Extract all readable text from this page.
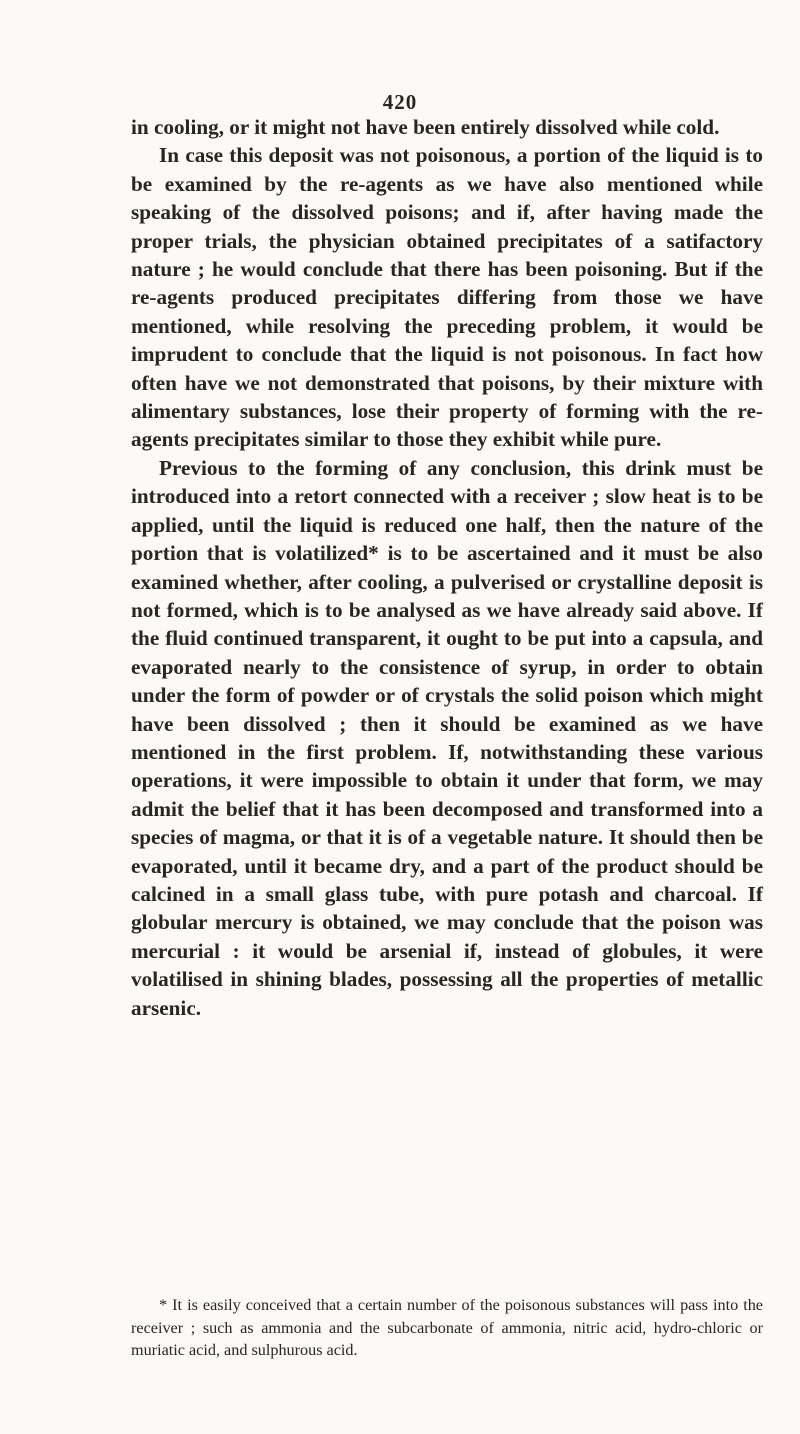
420

in cooling, or it might not have been entirely dissolved while cold.

In case this deposit was not poisonous, a portion of the liquid is to be examined by the re-agents as we have also mentioned while speaking of the dissolved poisons; and if, after having made the proper trials, the physician obtained precipitates of a satifactory nature ; he would conclude that there has been poisoning. But if the re-agents produced precipitates differing from those we have mentioned, while resolving the preceding problem, it would be imprudent to conclude that the liquid is not poisonous. In fact how often have we not demonstrated that poisons, by their mixture with alimentary substances, lose their property of forming with the re-agents precipitates similar to those they exhibit while pure.

Previous to the forming of any conclusion, this drink must be introduced into a retort connected with a receiver ; slow heat is to be applied, until the liquid is reduced one half, then the nature of the portion that is volatilized* is to be ascertained and it must be also examined whether, after cooling, a pulverised or crystalline deposit is not formed, which is to be analysed as we have already said above. If the fluid continued transparent, it ought to be put into a capsula, and evaporated nearly to the consistence of syrup, in order to obtain under the form of powder or of crystals the solid poison which might have been dissolved ; then it should be examined as we have mentioned in the first problem. If, notwithstanding these various operations, it were impossible to obtain it under that form, we may admit the belief that it has been decomposed and transformed into a species of magma, or that it is of a vegetable nature. It should then be evaporated, until it became dry, and a part of the product should be calcined in a small glass tube, with pure potash and charcoal. If globular mercury is obtained, we may conclude that the poison was mercurial : it would be arsenial if, instead of globules, it were volatilised in shining blades, possessing all the properties of metallic arsenic.

* It is easily conceived that a certain number of the poisonous substances will pass into the receiver ; such as ammonia and the subcarbonate of ammonia, nitric acid, hydro-chloric or muriatic acid, and sulphurous acid.
